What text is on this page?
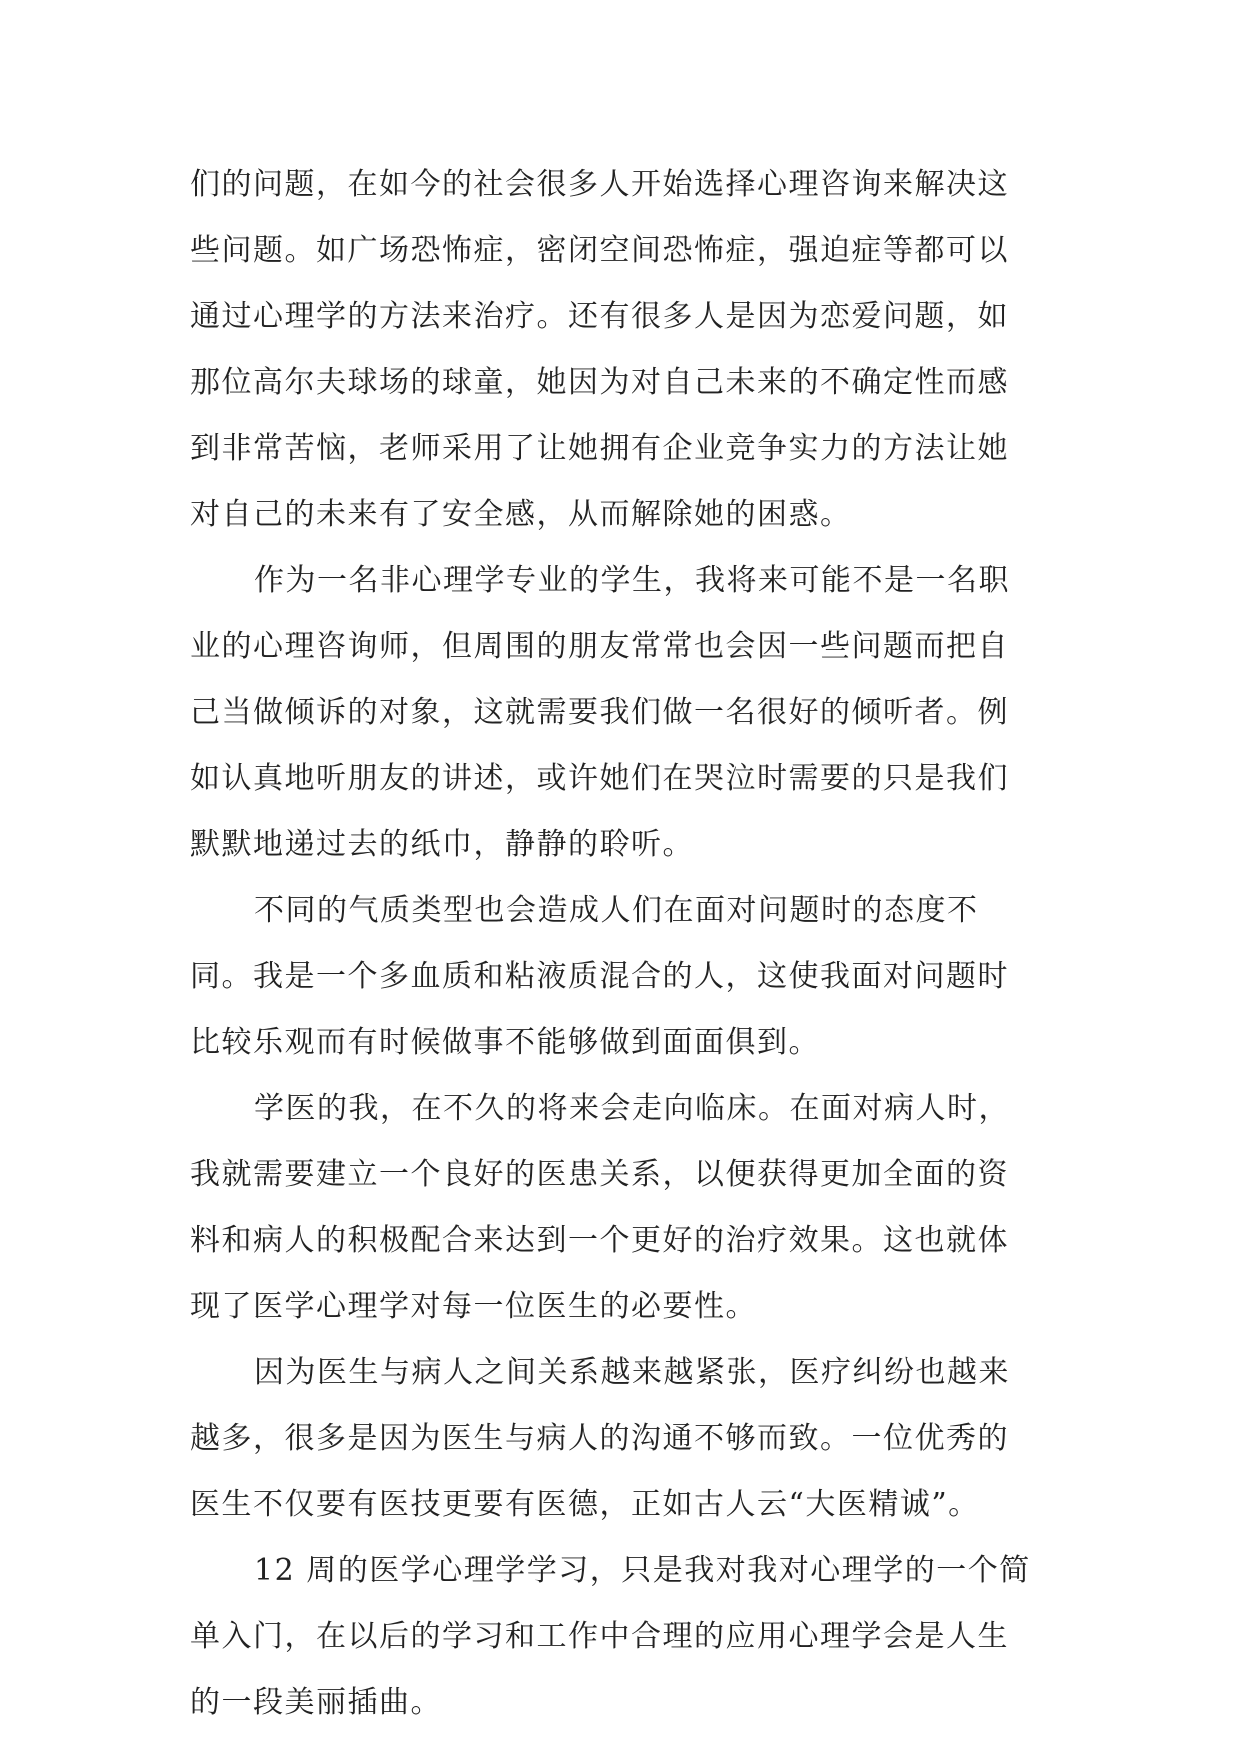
们的问题，在如今的社会很多人开始选择心理咨询来解决这
些问题。如广场恐怖症，密闭空间恐怖症，强迫症等都可以
通过心理学的方法来治疗。还有很多人是因为恋爱问题，如
那位高尔夫球场的球童，她因为对自己未来的不确定性而感
到非常苦恼，老师采用了让她拥有企业竞争实力的方法让她
对自己的未来有了安全感，从而解除她的困惑。
作为一名非心理学专业的学生，我将来可能不是一名职
业的心理咨询师，但周围的朋友常常也会因一些问题而把自
己当做倾诉的对象，这就需要我们做一名很好的倾听者。例
如认真地听朋友的讲述，或许她们在哭泣时需要的只是我们
默默地递过去的纸巾，静静的聆听。
不同的气质类型也会造成人们在面对问题时的态度不
同。我是一个多血质和粘液质混合的人，这使我面对问题时
比较乐观而有时候做事不能够做到面面俱到。
学医的我，在不久的将来会走向临床。在面对病人时，
我就需要建立一个良好的医患关系，以便获得更加全面的资
料和病人的积极配合来达到一个更好的治疗效果。这也就体
现了医学心理学对每一位医生的必要性。
因为医生与病人之间关系越来越紧张，医疗纠纷也越来
越多，很多是因为医生与病人的沟通不够而致。一位优秀的
医生不仅要有医技更要有医德，正如古人云“大医精诚”。
12 周的医学心理学学习，只是我对我对心理学的一个简
单入门，在以后的学习和工作中合理的应用心理学会是人生
的一段美丽插曲。
